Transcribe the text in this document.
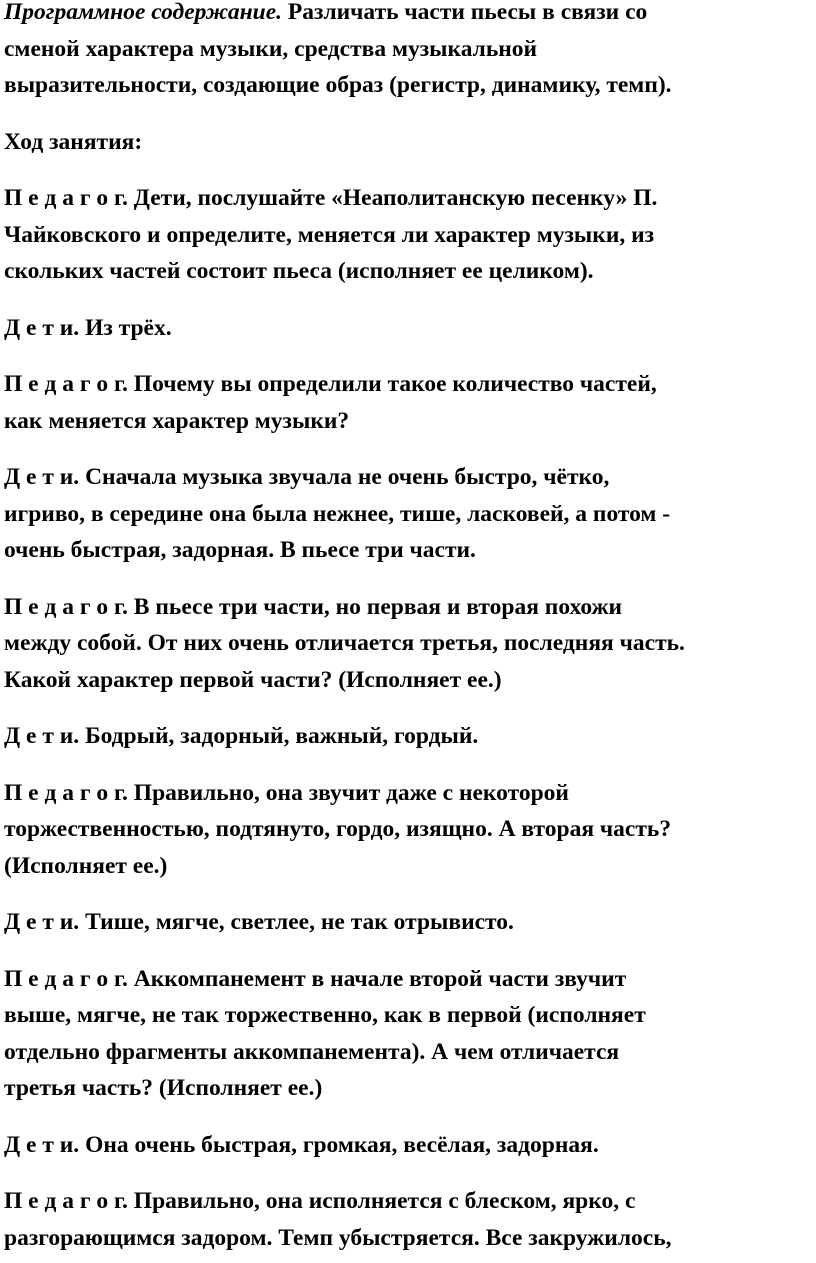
Программное содержание. Различать части пьесы в связи со
сменой характера музыки, средства музыкальной
выразительности, создающие образ (регистр, динамику, темп).

Ход занятия:

П е д а г о г. Дети, послушайте «Неаполитанскую песенку» П.
Чайковского и определите, меняется ли характер музыки, из
скольких частей состоит пьеса (исполняет ее целиком).

Д е т и. Из трёх.

П е д а г о г. Почему вы определили такое количество частей,
как меняется характер музыки?

Д е т и. Сначала музыка звучала не очень быстро, чётко,
игриво, в середине она была нежнее, тише, ласковей, а потом -
очень быстрая, задорная. В пьесе три части.

П е д а г о г. В пьесе три части, но первая и вторая похожи
между собой. От них очень отличается третья, последняя часть.
Какой характер первой части? (Исполняет ее.)

Д е т и. Бодрый, задорный, важный, гордый.

П е д а г о г. Правильно, она звучит даже с некоторой
торжественностью, подтянуто, гордо, изящно. А вторая часть?
(Исполняет ее.)

Д е т и. Тише, мягче, светлее, не так отрывисто.

П е д а г о г. Аккомпанемент в начале второй части звучит
выше, мягче, не так торжественно, как в первой (исполняет
отдельно фрагменты аккомпанемента). А чем отличается
третья часть? (Исполняет ее.)

Д е т и. Она очень быстрая, громкая, весёлая, задорная.

П е д а г о г. Правильно, она исполняется с блеском, ярко, с
разгорающимся задором. Темп убыстряется. Все закружилось,
